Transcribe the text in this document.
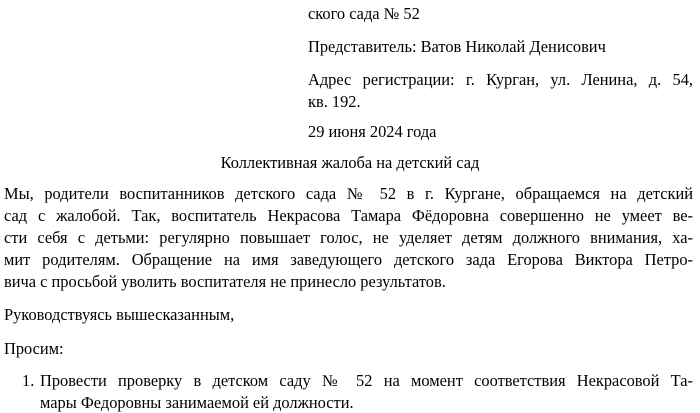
ского сада № 52
Представитель: Ватов Николай Денисович
Адрес регистрации: г. Курган, ул. Ленина, д. 54,
кв. 192.
29 июня 2024 года
Коллективная жалоба на детский сад
Мы, родители воспитанников детского сада № 52 в г. Кургане, обращаемся на детский
сад с жалобой. Так, воспитатель Некрасова Тамара Фёдоровна совершенно не умеет ве-
сти себя с детьми: регулярно повышает голос, не уделяет детям должного внимания, ха-
мит родителям. Обращение на имя заведующего детского зада Егорова Виктора Петро-
вича с просьбой уволить воспитателя не принесло результатов.
Руководствуясь вышесказанным,
Просим:
1. Провести проверку в детском саду № 52 на момент соответствия Некрасовой Та-
мары Федоровны занимаемой ей должности.
